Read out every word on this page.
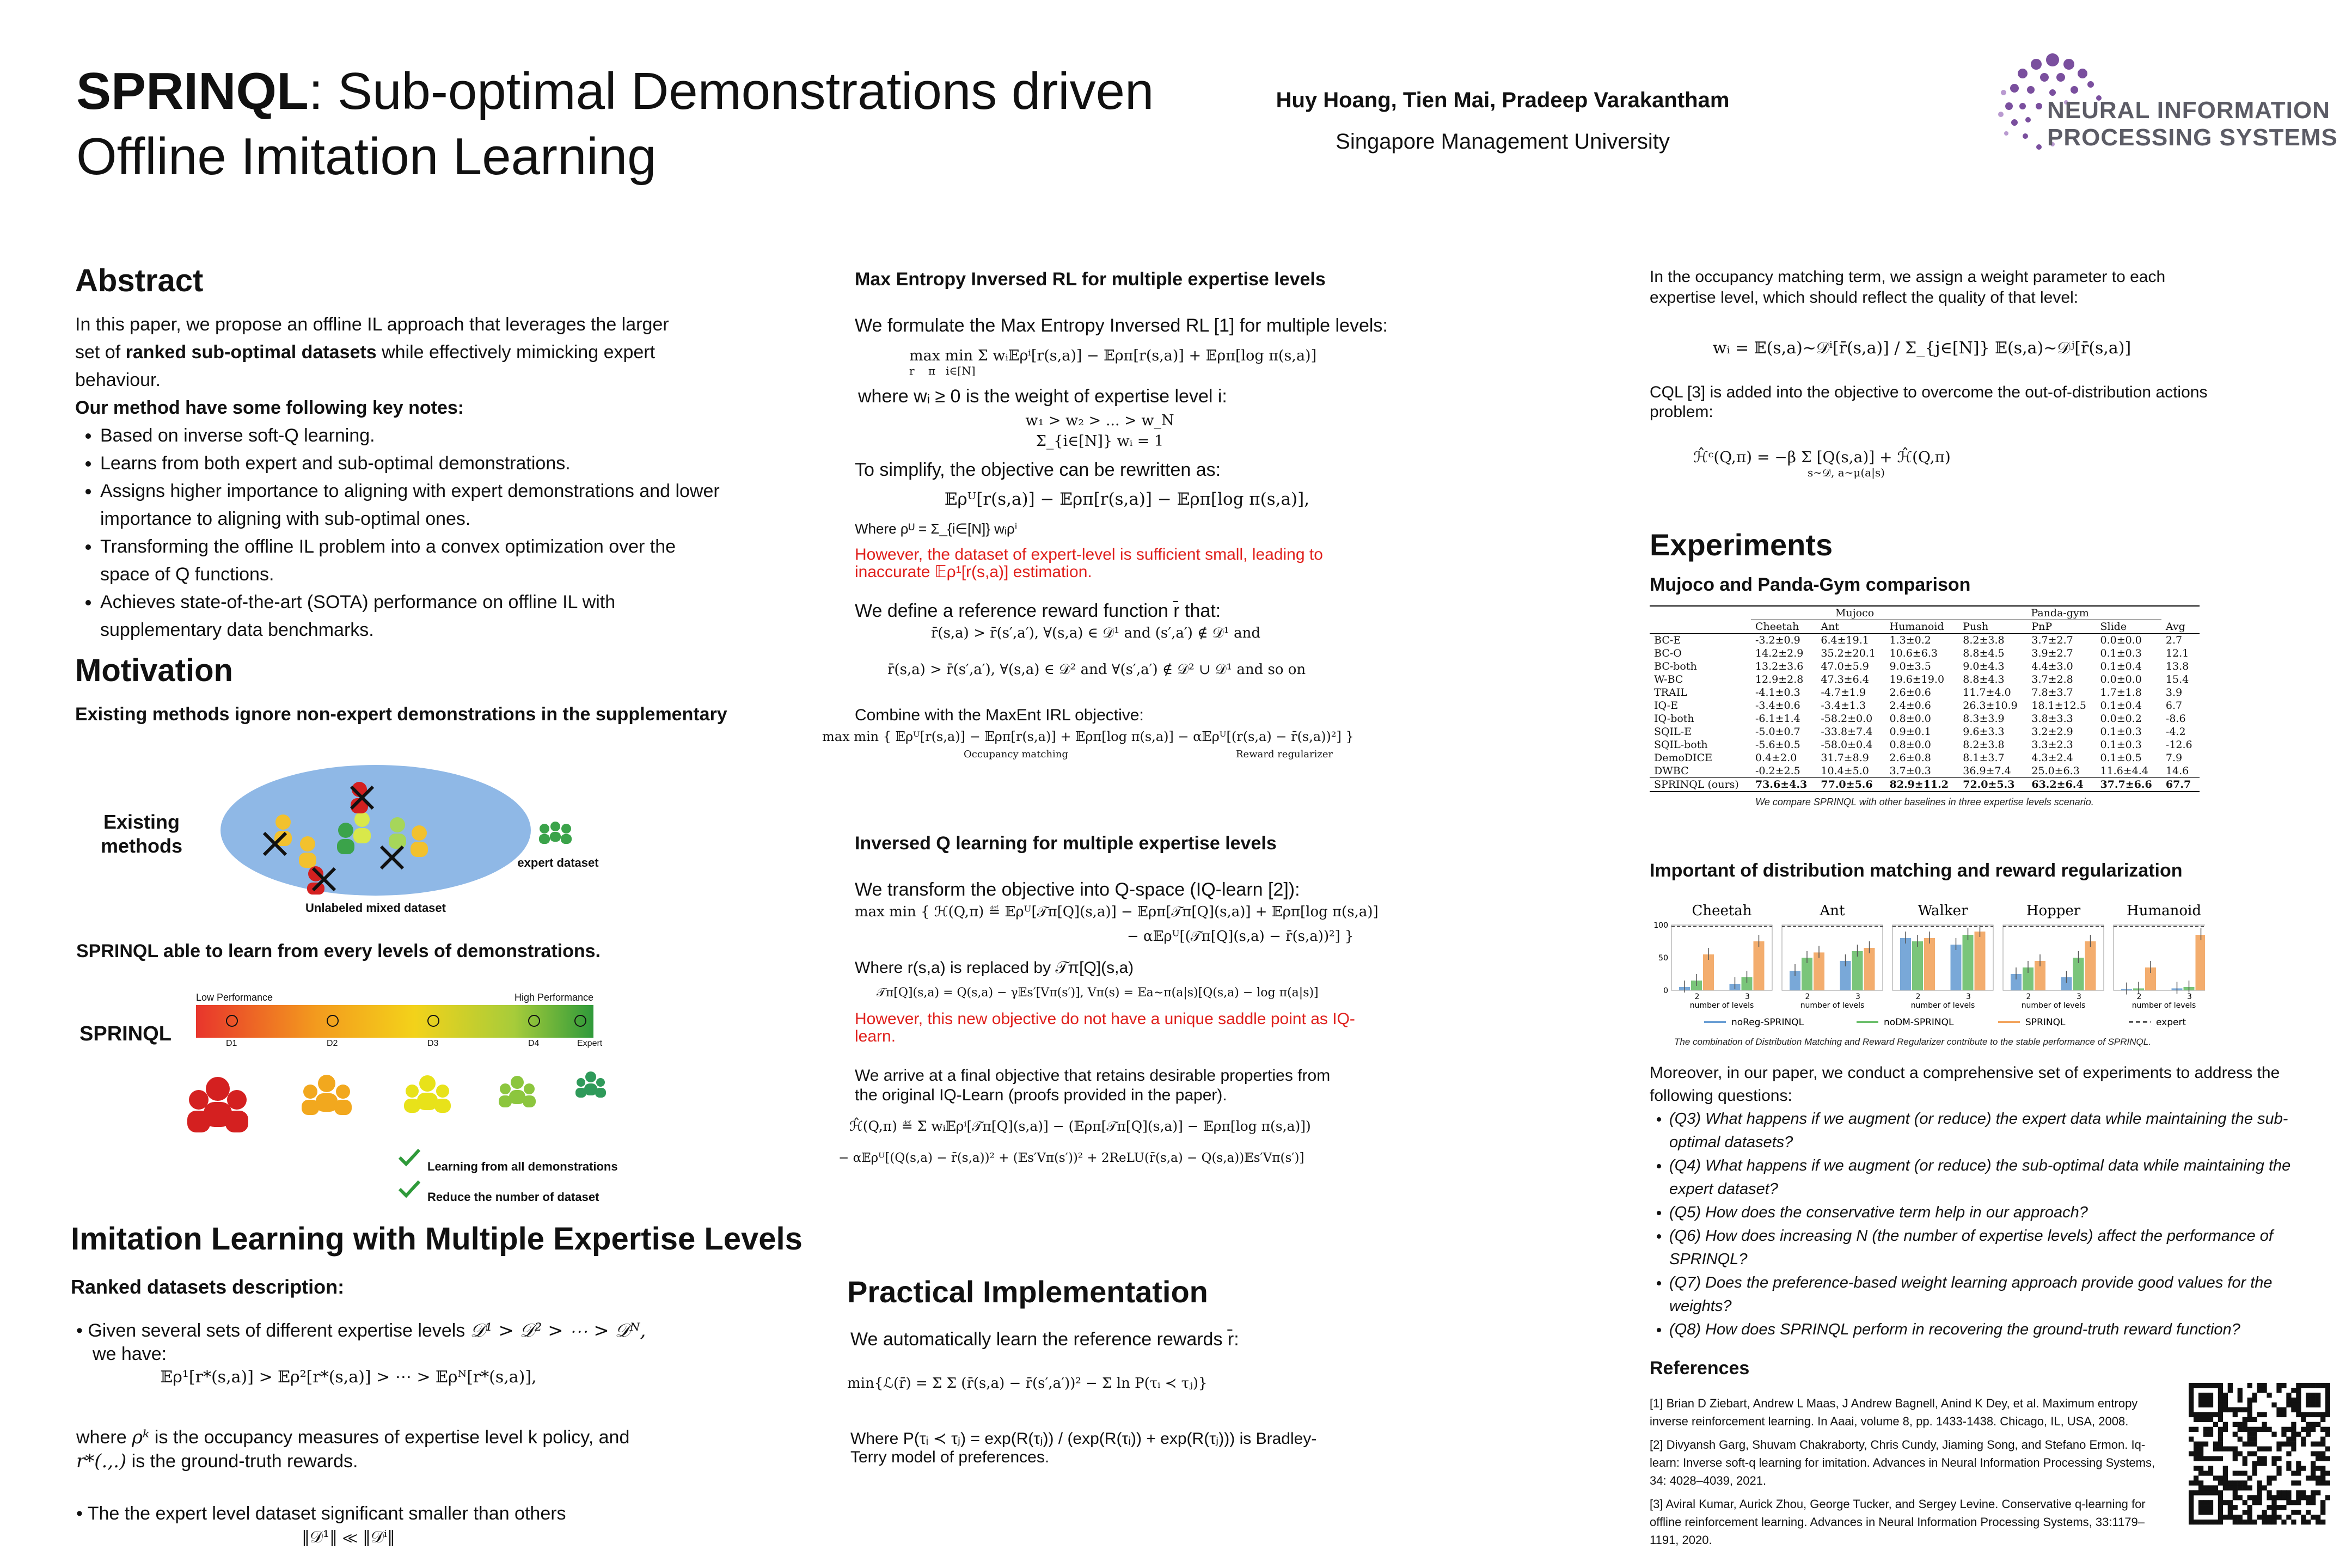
SPRINQL: Sub-optimal Demonstrations driven
Offline Imitation Learning
Huy Hoang, Tien Mai, Pradeep Varakantham
Singapore Management University
NEURAL INFORMATION
PROCESSING SYSTEMS
Abstract
In this paper, we propose an offline IL approach that leverages the larger
set of ranked sub-optimal datasets while effectively mimicking expert
behaviour.
Our method have some following key notes:
• Based on inverse soft-Q learning.
• Learns from both expert and sub-optimal demonstrations.
• Assigns higher importance to aligning with expert demonstrations and lower importance to aligning with sub-optimal ones.
• Transforming the offline IL problem into a convex optimization over the space of Q functions.
• Achieves state-of-the-art (SOTA) performance on offline IL with supplementary data benchmarks.
Motivation
Existing methods ignore non-expert demonstrations in the supplementary
Existing methods
Unlabeled mixed dataset
expert dataset
SPRINQL able to learn from every levels of demonstrations.
SPRINQL
Low Performance	High Performance
D1	D2	D3	D4	Expert
Learning from all demonstrations
Reduce the number of dataset
Imitation Learning with Multiple Expertise Levels
Ranked datasets description:
• Given several sets of different expertise levels 𝒟¹ > 𝒟² > ⋯ > 𝒟ᴺ,
we have:
𝔼ρ¹[r*(s,a)] > 𝔼ρ²[r*(s,a)] > ⋯ > 𝔼ρᴺ[r*(s,a)],
where ρᵏ is the occupancy measures of expertise level k policy, and
r*(.,.) is the ground-truth rewards.
• The the expert level dataset significant smaller than others
‖𝒟¹‖ ≪ ‖𝒟ⁱ‖
Max Entropy Inversed RL for multiple expertise levels
We formulate the Max Entropy Inversed RL [1] for multiple levels:
max min Σ wᵢ𝔼ρⁱ[r(s,a)] − 𝔼ρπ[r(s,a)] + 𝔼ρπ[log π(s,a)]
r    π   i∈[N]
where wᵢ ≥ 0 is the weight of expertise level i:
w₁ > w₂ > ... > w_N
Σ_{i∈[N]} wᵢ = 1
To simplify, the objective can be rewritten as:
𝔼ρᵁ[r(s,a)] − 𝔼ρπ[r(s,a)] − 𝔼ρπ[log π(s,a)],
Where ρᵁ = Σ_{i∈[N]} wᵢρⁱ
However, the dataset of expert-level is sufficient small, leading to inaccurate 𝔼ρ¹[r(s,a)] estimation.
We define a reference reward function r̄ that:
r̄(s,a) > r̄(s′,a′), ∀(s,a) ∈ 𝒟¹ and (s′,a′) ∉ 𝒟¹ and
r̄(s,a) > r̄(s′,a′), ∀(s,a) ∈ 𝒟² and ∀(s′,a′) ∉ 𝒟² ∪ 𝒟¹ and so on
Combine with the MaxEnt IRL objective:
max min { 𝔼ρᵁ[r(s,a)] − 𝔼ρπ[r(s,a)] + 𝔼ρπ[log π(s,a)] − α𝔼ρᵁ[(r(s,a) − r̄(s,a))²] }
Occupancy matching	Reward regularizer
Inversed Q learning for multiple expertise levels
We transform the objective into Q-space (IQ-learn [2]):
max min { ℋ(Q,π) ≝ 𝔼ρᵁ[𝒯π[Q](s,a)] − 𝔼ρπ[𝒯π[Q](s,a)] + 𝔼ρπ[log π(s,a)]
− α𝔼ρᵁ[(𝒯π[Q](s,a) − r̄(s,a))²] }
Where r(s,a) is replaced by 𝒯π[Q](s,a)
𝒯π[Q](s,a) = Q(s,a) − γ𝔼s′[Vπ(s′)], Vπ(s) = 𝔼a∼π(a|s)[Q(s,a) − log π(a|s)]
However, this new objective do not have a unique saddle point as IQ-learn.
We arrive at a final objective that retains desirable properties from the original IQ-Learn (proofs provided in the paper).
ℋ̂(Q,π) ≝ Σ wᵢ𝔼ρⁱ[𝒯π[Q](s,a)] − (𝔼ρπ[𝒯π[Q](s,a)] − 𝔼ρπ[log π(s,a)])
− α𝔼ρᵁ[(Q(s,a) − r̄(s,a))² + (𝔼s′Vπ(s′))² + 2ReLU(r̄(s,a) − Q(s,a))𝔼s′Vπ(s′)]
Practical Implementation
We automatically learn the reference rewards r̄:
min{ℒ(r̄) = Σ Σ (r̄(s,a) − r̄(s′,a′))² − Σ ln P(τᵢ ≺ τⱼ)}
Where P(τᵢ ≺ τⱼ) = exp(R(τⱼ)) / (exp(R(τᵢ)) + exp(R(τⱼ))) is Bradley-Terry model of preferences.
In the occupancy matching term, we assign a weight parameter to each expertise level, which should reflect the quality of that level:
wᵢ = 𝔼(s,a)∼𝒟ⁱ[r̄(s,a)] / Σ_{j∈[N]} 𝔼(s,a)∼𝒟ʲ[r̄(s,a)]
CQL [3] is added into the objective to overcome the out-of-distribution actions problem:
ℋ̂ᶜ(Q,π) = −β Σ [Q(s,a)] + ℋ̂(Q,π)
s∼𝒟, a∼μ(a|s)
Experiments
Mujoco and Panda-Gym comparison
	Mujoco			Panda-gym			
	Cheetah	Ant	Humanoid	Push	PnP	Slide	Avg
BC-E	-3.2±0.9	6.4±19.1	1.3±0.2	8.2±3.8	3.7±2.7	0.0±0.0	2.7
BC-O	14.2±2.9	35.2±20.1	10.6±6.3	8.8±4.5	3.9±2.7	0.1±0.3	12.1
BC-both	13.2±3.6	47.0±5.9	9.0±3.5	9.0±4.3	4.4±3.0	0.1±0.4	13.8
W-BC	12.9±2.8	47.3±6.4	19.6±19.0	8.8±4.3	3.7±2.8	0.0±0.0	15.4
TRAIL	-4.1±0.3	-4.7±1.9	2.6±0.6	11.7±4.0	7.8±3.7	1.7±1.8	3.9
IQ-E	-3.4±0.6	-3.4±1.3	2.4±0.6	26.3±10.9	18.1±12.5	0.1±0.4	6.7
IQ-both	-6.1±1.4	-58.2±0.0	0.8±0.0	8.3±3.9	3.8±3.3	0.0±0.2	-8.6
SQIL-E	-5.0±0.7	-33.8±7.4	0.9±0.1	9.6±3.3	3.2±2.9	0.1±0.3	-4.2
SQIL-both	-5.6±0.5	-58.0±0.4	0.8±0.0	8.2±3.8	3.3±2.3	0.1±0.3	-12.6
DemoDICE	0.4±2.0	31.7±8.9	2.6±0.8	8.1±3.7	4.3±2.4	0.1±0.5	7.9
DWBC	-0.2±2.5	10.4±5.0	3.7±0.3	36.9±7.4	25.0±6.3	11.6±4.4	14.6
SPRINQL (ours)	73.6±4.3	77.0±5.6	82.9±11.2	72.0±5.3	63.2±6.4	37.7±6.6	67.7
We compare SPRINQL with other baselines in three expertise levels scenario.
Important of distribution matching and reward regularization
Cheetah
0
50
100
2	3
number of levels
Ant
2	3
number of levels
Walker
2	3
number of levels
Hopper
2	3
number of levels
Humanoid
2	3
number of levels
noReg-SPRINQL	noDM-SPRINQL	SPRINQL	expert
The combination of Distribution Matching and Reward Regularizer contribute to the stable performance of SPRINQL.
Moreover, in our paper, we conduct a comprehensive set of experiments to address the following questions:
• (Q3) What happens if we augment (or reduce) the expert data while maintaining the sub-optimal datasets?
• (Q4) What happens if we augment (or reduce) the sub-optimal data while maintaining the expert dataset?
• (Q5) How does the conservative term help in our approach?
• (Q6) How does increasing N (the number of expertise levels) affect the performance of SPRINQL?
• (Q7) Does the preference-based weight learning approach provide good values for the weights?
• (Q8) How does SPRINQL perform in recovering the ground-truth reward function?
References
[1] Brian D Ziebart, Andrew L Maas, J Andrew Bagnell, Anind K Dey, et al. Maximum entropy inverse reinforcement learning. In Aaai, volume 8, pp. 1433-1438. Chicago, IL, USA, 2008.
[2] Divyansh Garg, Shuvam Chakraborty, Chris Cundy, Jiaming Song, and Stefano Ermon. Iq-learn: Inverse soft-q learning for imitation. Advances in Neural Information Processing Systems, 34: 4028–4039, 2021.
[3] Aviral Kumar, Aurick Zhou, George Tucker, and Sergey Levine. Conservative q-learning for offline reinforcement learning. Advances in Neural Information Processing Systems, 33:1179–1191, 2020.
